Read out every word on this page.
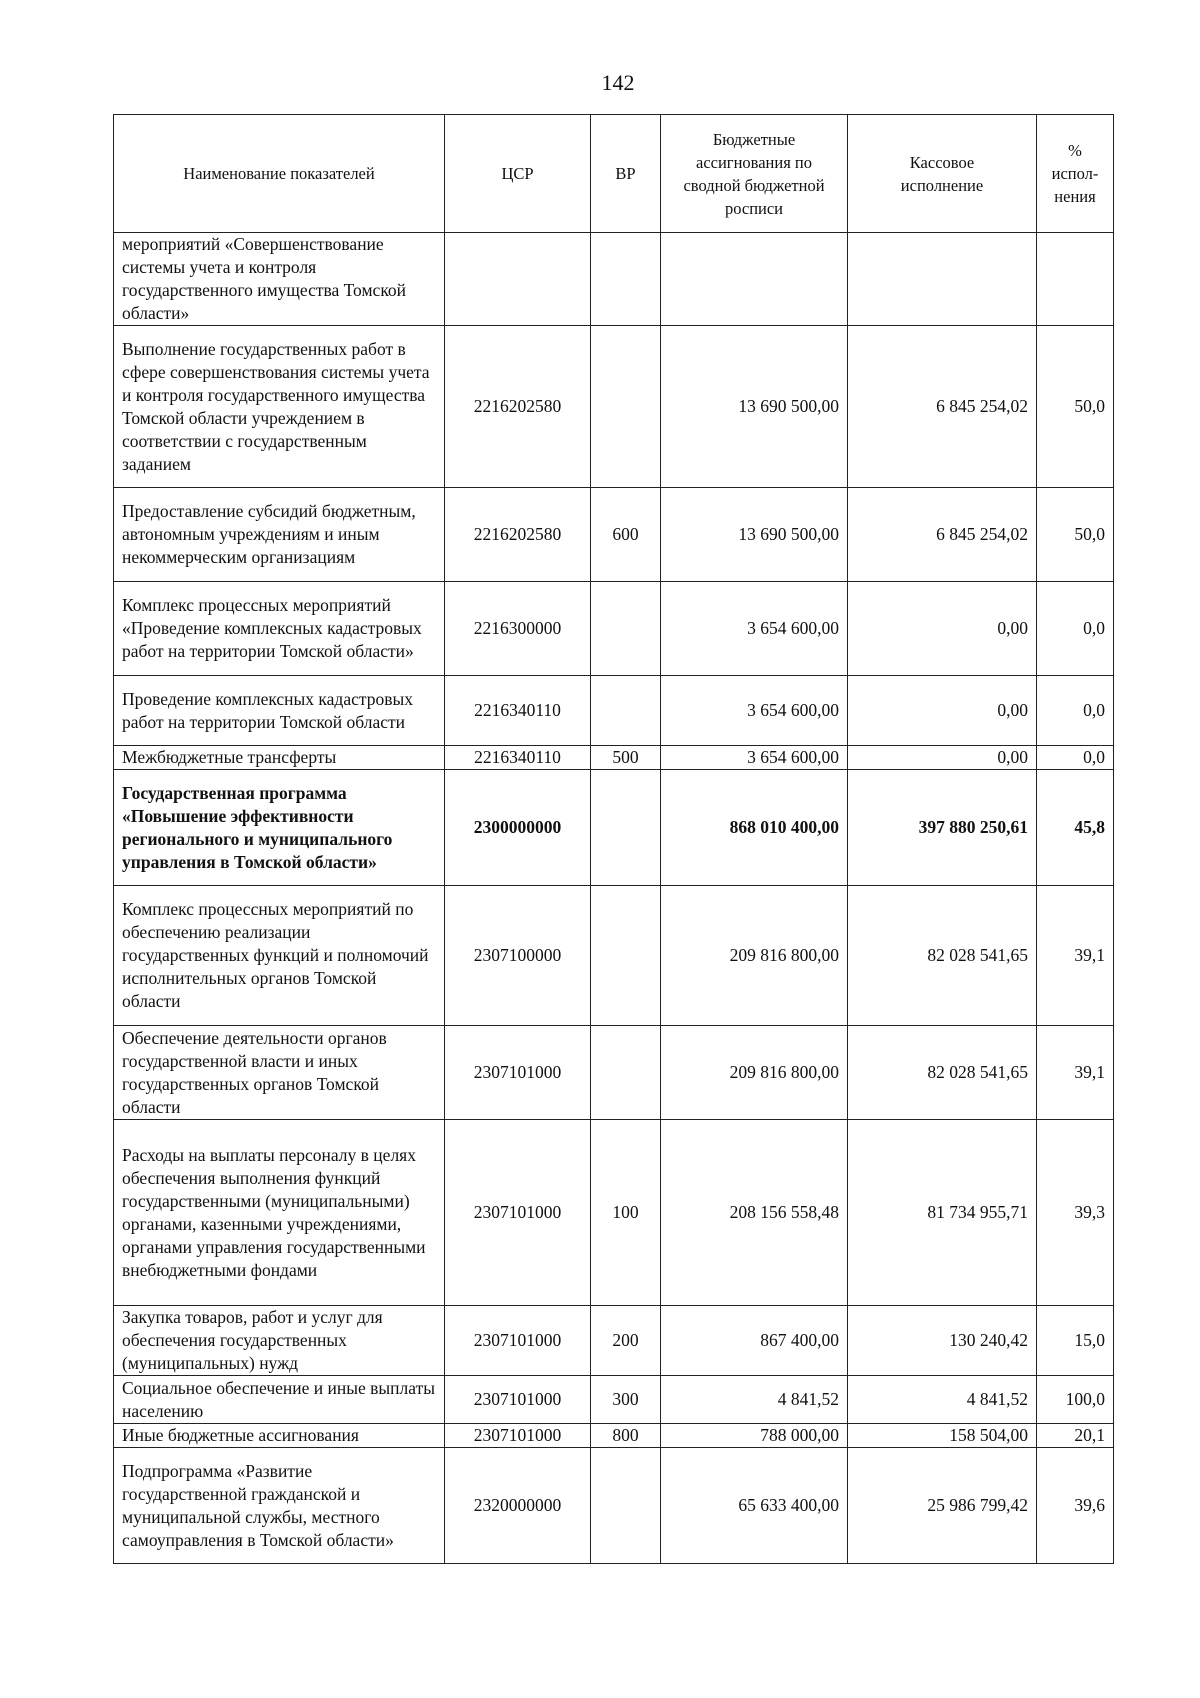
142
Наименование показателей	ЦСР	ВР	Бюджетные ассигнования по сводной бюджетной росписи	Кассовое исполнение	% испол-нения
мероприятий «Совершенствование системы учета и контроля государственного имущества Томской области»					
Выполнение государственных работ в сфере совершенствования системы учета и контроля государственного имущества Томской области учреждением в соответствии с государственным заданием	2216202580		13 690 500,00	6 845 254,02	50,0
Предоставление субсидий бюджетным, автономным учреждениям и иным некоммерческим организациям	2216202580	600	13 690 500,00	6 845 254,02	50,0
Комплекс процессных мероприятий «Проведение комплексных кадастровых работ на территории Томской области»	2216300000		3 654 600,00	0,00	0,0
Проведение комплексных кадастровых работ на территории Томской области	2216340110		3 654 600,00	0,00	0,0
Межбюджетные трансферты	2216340110	500	3 654 600,00	0,00	0,0
Государственная программа «Повышение эффективности регионального и муниципального управления в Томской области»	2300000000		868 010 400,00	397 880 250,61	45,8
Комплекс процессных мероприятий по обеспечению реализации государственных функций и полномочий исполнительных органов Томской области	2307100000		209 816 800,00	82 028 541,65	39,1
Обеспечение деятельности органов государственной власти и иных государственных органов Томской области	2307101000		209 816 800,00	82 028 541,65	39,1
Расходы на выплаты персоналу в целях обеспечения выполнения функций государственными (муниципальными) органами, казенными учреждениями, органами управления государственными внебюджетными фондами	2307101000	100	208 156 558,48	81 734 955,71	39,3
Закупка товаров, работ и услуг для обеспечения государственных (муниципальных) нужд	2307101000	200	867 400,00	130 240,42	15,0
Социальное обеспечение и иные выплаты населению	2307101000	300	4 841,52	4 841,52	100,0
Иные бюджетные ассигнования	2307101000	800	788 000,00	158 504,00	20,1
Подпрограмма «Развитие государственной гражданской и муниципальной службы, местного самоуправления в Томской области»	2320000000		65 633 400,00	25 986 799,42	39,6
